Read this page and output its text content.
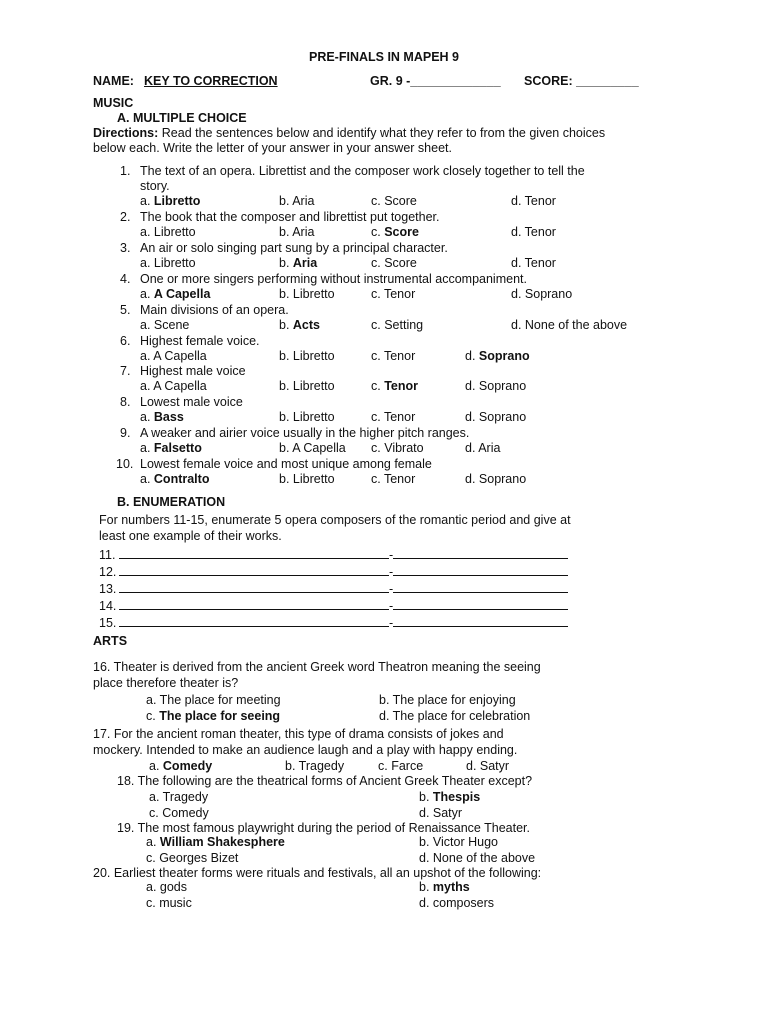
PRE-FINALS IN MAPEH 9
NAME: KEY TO CORRECTION	GR. 9 -_____________ SCORE: _________
MUSIC
A. MULTIPLE CHOICE
Directions: Read the sentences below and identify what they refer to from the given choices
below each. Write the letter of your answer in your answer sheet.
1. The text of an opera. Librettist and the composer work closely together to tell the
story.
a. Libretto	b. Aria	c. Score	d. Tenor
2. The book that the composer and librettist put together.
a. Libretto	b. Aria	c. Score	d. Tenor
3. An air or solo singing part sung by a principal character.
a. Libretto	b. Aria	c. Score	d. Tenor
4. One or more singers performing without instrumental accompaniment.
a. A Capella	b. Libretto	c. Tenor	d. Soprano
5. Main divisions of an opera.
a. Scene	b. Acts	c. Setting	d. None of the above
6. Highest female voice.
a. A Capella	b. Libretto	c. Tenor	d. Soprano
7. Highest male voice
a. A Capella	b. Libretto	c. Tenor	d. Soprano
8. Lowest male voice
a. Bass	b. Libretto	c. Tenor	d. Soprano
9. A weaker and airier voice usually in the higher pitch ranges.
a. Falsetto	b. A Capella c. Vibrato	d. Aria
10. Lowest female voice and most unique among female
a. Contralto	b. Libretto	c. Tenor	d. Soprano
B. ENUMERATION
For numbers 11-15, enumerate 5 opera composers of the romantic period and give at
least one example of their works.
11.	-
12.	-
13.	-
14.	-
15.	-
ARTS
16. Theater is derived from the ancient Greek word Theatron meaning the seeing
place therefore theater is?
a. The place for meeting	b. The place for enjoying
c. The place for seeing	d. The place for celebration
17. For the ancient roman theater, this type of drama consists of jokes and
mockery. Intended to make an audience laugh and a play with happy ending.
a. Comedy	b. Tragedy	c. Farce	d. Satyr
18. The following are the theatrical forms of Ancient Greek Theater except?
a. Tragedy	b. Thespis
c. Comedy	d. Satyr
19. The most famous playwright during the period of Renaissance Theater.
a. William Shakesphere	b. Victor Hugo
c. Georges Bizet	d. None of the above
20. Earliest theater forms were rituals and festivals, all an upshot of the following:
a. gods	b. myths
c. music	d. composers
